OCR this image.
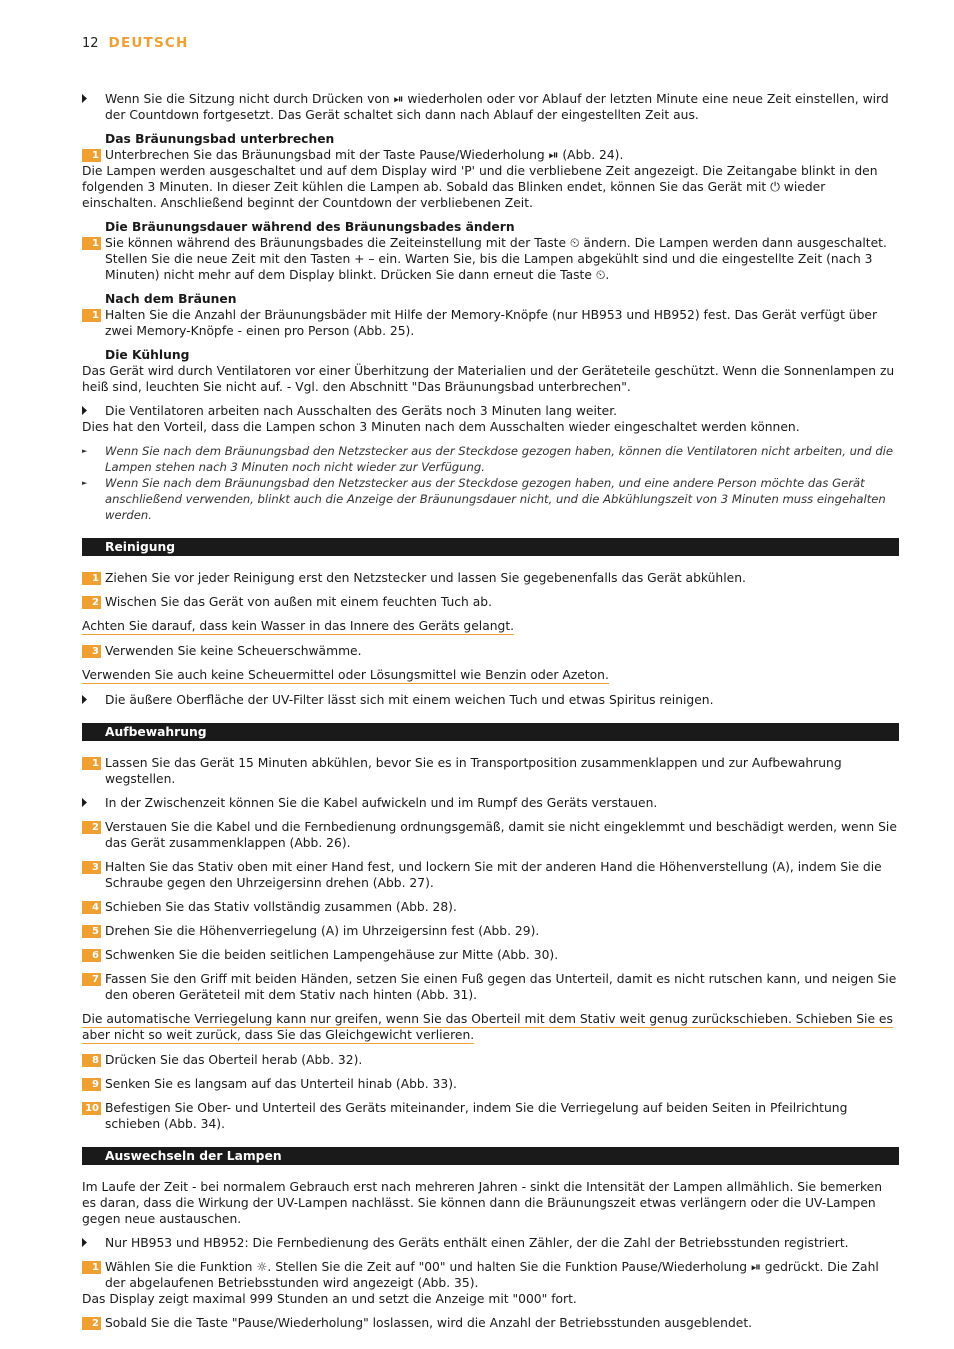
12 DEUTSCH
Wenn Sie die Sitzung nicht durch Drücken von ⏯ wiederholen oder vor Ablauf der letzten Minute eine neue Zeit einstellen, wird der Countdown fortgesetzt. Das Gerät schaltet sich dann nach Ablauf der eingestellten Zeit aus.
Das Bräunungsbad unterbrechen
1 Unterbrechen Sie das Bräunungsbad mit der Taste Pause/Wiederholung ⏯ (Abb. 24).
Die Lampen werden ausgeschaltet und auf dem Display wird 'P' und die verbliebene Zeit angezeigt. Die Zeitangabe blinkt in den folgenden 3 Minuten. In dieser Zeit kühlen die Lampen ab. Sobald das Blinken endet, können Sie das Gerät mit ⏻ wieder einschalten. Anschließend beginnt der Countdown der verbliebenen Zeit.
Die Bräunungsdauer während des Bräunungsbades ändern
1 Sie können während des Bräunungsbades die Zeiteinstellung mit der Taste ⏲ ändern. Die Lampen werden dann ausgeschaltet. Stellen Sie die neue Zeit mit den Tasten + – ein. Warten Sie, bis die Lampen abgekühlt sind und die eingestellte Zeit (nach 3 Minuten) nicht mehr auf dem Display blinkt. Drücken Sie dann erneut die Taste ⏲.
Nach dem Bräunen
1 Halten Sie die Anzahl der Bräunungsbäder mit Hilfe der Memory-Knöpfe (nur HB953 und HB952) fest. Das Gerät verfügt über zwei Memory-Knöpfe - einen pro Person (Abb. 25).
Die Kühlung
Das Gerät wird durch Ventilatoren vor einer Überhitzung der Materialien und der Geräteteile geschützt. Wenn die Sonnenlampen zu heiß sind, leuchten Sie nicht auf. - Vgl. den Abschnitt "Das Bräunungsbad unterbrechen".
Die Ventilatoren arbeiten nach Ausschalten des Geräts noch 3 Minuten lang weiter.
Dies hat den Vorteil, dass die Lampen schon 3 Minuten nach dem Ausschalten wieder eingeschaltet werden können.
► Wenn Sie nach dem Bräunungsbad den Netzstecker aus der Steckdose gezogen haben, können die Ventilatoren nicht arbeiten, und die Lampen stehen nach 3 Minuten noch nicht wieder zur Verfügung.
► Wenn Sie nach dem Bräunungsbad den Netzstecker aus der Steckdose gezogen haben, und eine andere Person möchte das Gerät anschließend verwenden, blinkt auch die Anzeige der Bräunungsdauer nicht, und die Abkühlungszeit von 3 Minuten muss eingehalten werden.
Reinigung
1 Ziehen Sie vor jeder Reinigung erst den Netzstecker und lassen Sie gegebenenfalls das Gerät abkühlen.
2 Wischen Sie das Gerät von außen mit einem feuchten Tuch ab.
Achten Sie darauf, dass kein Wasser in das Innere des Geräts gelangt.
3 Verwenden Sie keine Scheuerschwämme.
Verwenden Sie auch keine Scheuermittel oder Lösungsmittel wie Benzin oder Azeton.
Die äußere Oberfläche der UV-Filter lässt sich mit einem weichen Tuch und etwas Spiritus reinigen.
Aufbewahrung
1 Lassen Sie das Gerät 15 Minuten abkühlen, bevor Sie es in Transportposition zusammenklappen und zur Aufbewahrung wegstellen.
In der Zwischenzeit können Sie die Kabel aufwickeln und im Rumpf des Geräts verstauen.
2 Verstauen Sie die Kabel und die Fernbedienung ordnungsgemäß, damit sie nicht eingeklemmt und beschädigt werden, wenn Sie das Gerät zusammenklappen (Abb. 26).
3 Halten Sie das Stativ oben mit einer Hand fest, und lockern Sie mit der anderen Hand die Höhenverstellung (A), indem Sie die Schraube gegen den Uhrzeigersinn drehen (Abb. 27).
4 Schieben Sie das Stativ vollständig zusammen (Abb. 28).
5 Drehen Sie die Höhenverriegelung (A) im Uhrzeigersinn fest (Abb. 29).
6 Schwenken Sie die beiden seitlichen Lampengehäuse zur Mitte (Abb. 30).
7 Fassen Sie den Griff mit beiden Händen, setzen Sie einen Fuß gegen das Unterteil, damit es nicht rutschen kann, und neigen Sie den oberen Geräteteil mit dem Stativ nach hinten (Abb. 31).
Die automatische Verriegelung kann nur greifen, wenn Sie das Oberteil mit dem Stativ weit genug zurückschieben. Schieben Sie es aber nicht so weit zurück, dass Sie das Gleichgewicht verlieren.
8 Drücken Sie das Oberteil herab (Abb. 32).
9 Senken Sie es langsam auf das Unterteil hinab (Abb. 33).
10 Befestigen Sie Ober- und Unterteil des Geräts miteinander, indem Sie die Verriegelung auf beiden Seiten in Pfeilrichtung schieben (Abb. 34).
Auswechseln der Lampen
Im Laufe der Zeit - bei normalem Gebrauch erst nach mehreren Jahren - sinkt die Intensität der Lampen allmählich. Sie bemerken es daran, dass die Wirkung der UV-Lampen nachlässt. Sie können dann die Bräunungszeit etwas verlängern oder die UV-Lampen gegen neue austauschen.
Nur HB953 und HB952: Die Fernbedienung des Geräts enthält einen Zähler, der die Zahl der Betriebsstunden registriert.
1 Wählen Sie die Funktion ☼. Stellen Sie die Zeit auf "00" und halten Sie die Funktion Pause/Wiederholung ⏯ gedrückt. Die Zahl der abgelaufenen Betriebsstunden wird angezeigt (Abb. 35).
Das Display zeigt maximal 999 Stunden an und setzt die Anzeige mit "000" fort.
2 Sobald Sie die Taste "Pause/Wiederholung" loslassen, wird die Anzahl der Betriebsstunden ausgeblendet.
